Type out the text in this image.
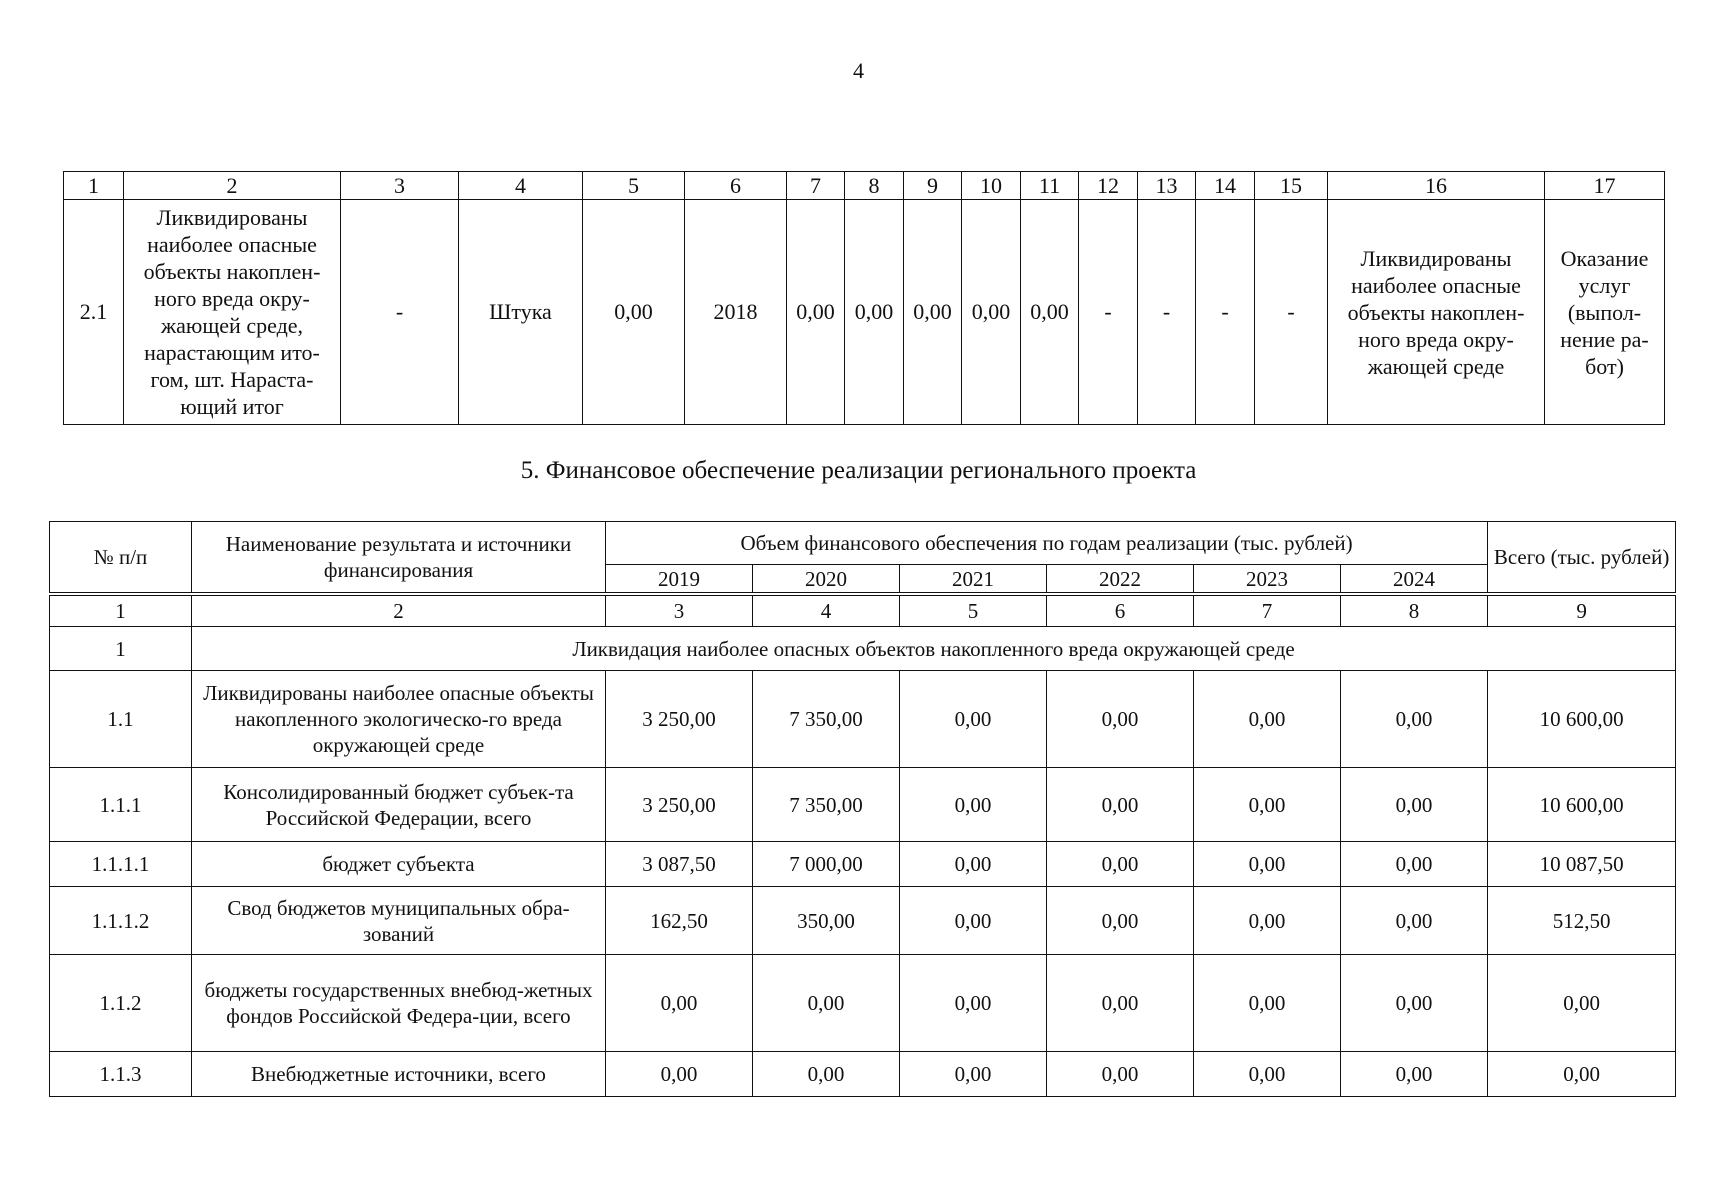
4
1	2	3	4	5	6	7	8	9	10	11	12	13	14	15	16	17
2.1	Ликвидированы наиболее опасные объекты накоплен-ного вреда окру-жающей среде, нарастающим ито-гом, шт. Нараста-ющий итог	-	Штука	0,00	2018	0,00	0,00	0,00	0,00	0,00	-	-	-	-	Ликвидированы наиболее опасные объекты накоплен-ного вреда окру-жающей среде	Оказание услуг (выпол-нение ра-бот)
5. Финансовое обеспечение реализации регионального проекта
№ п/п	Наименование результата и источники финансирования	Объем финансового обеспечения по годам реализации (тыс. рублей)						Всего (тыс. рублей)
		2019	2020	2021	2022	2023	2024	
1	2	3	4	5	6	7	8	9
1	Ликвидация наиболее опасных объектов накопленного вреда окружающей среде							
1.1	Ликвидированы наиболее опасные объекты накопленного экологическо-го вреда окружающей среде	3 250,00	7 350,00	0,00	0,00	0,00	0,00	10 600,00
1.1.1	Консолидированный бюджет субъек-та Российской Федерации, всего	3 250,00	7 350,00	0,00	0,00	0,00	0,00	10 600,00
1.1.1.1	бюджет субъекта	3 087,50	7 000,00	0,00	0,00	0,00	0,00	10 087,50
1.1.1.2	Свод бюджетов муниципальных обра-зований	162,50	350,00	0,00	0,00	0,00	0,00	512,50
1.1.2	бюджеты государственных внебюд-жетных фондов Российской Федера-ции, всего	0,00	0,00	0,00	0,00	0,00	0,00	0,00
1.1.3	Внебюджетные источники, всего	0,00	0,00	0,00	0,00	0,00	0,00	0,00
